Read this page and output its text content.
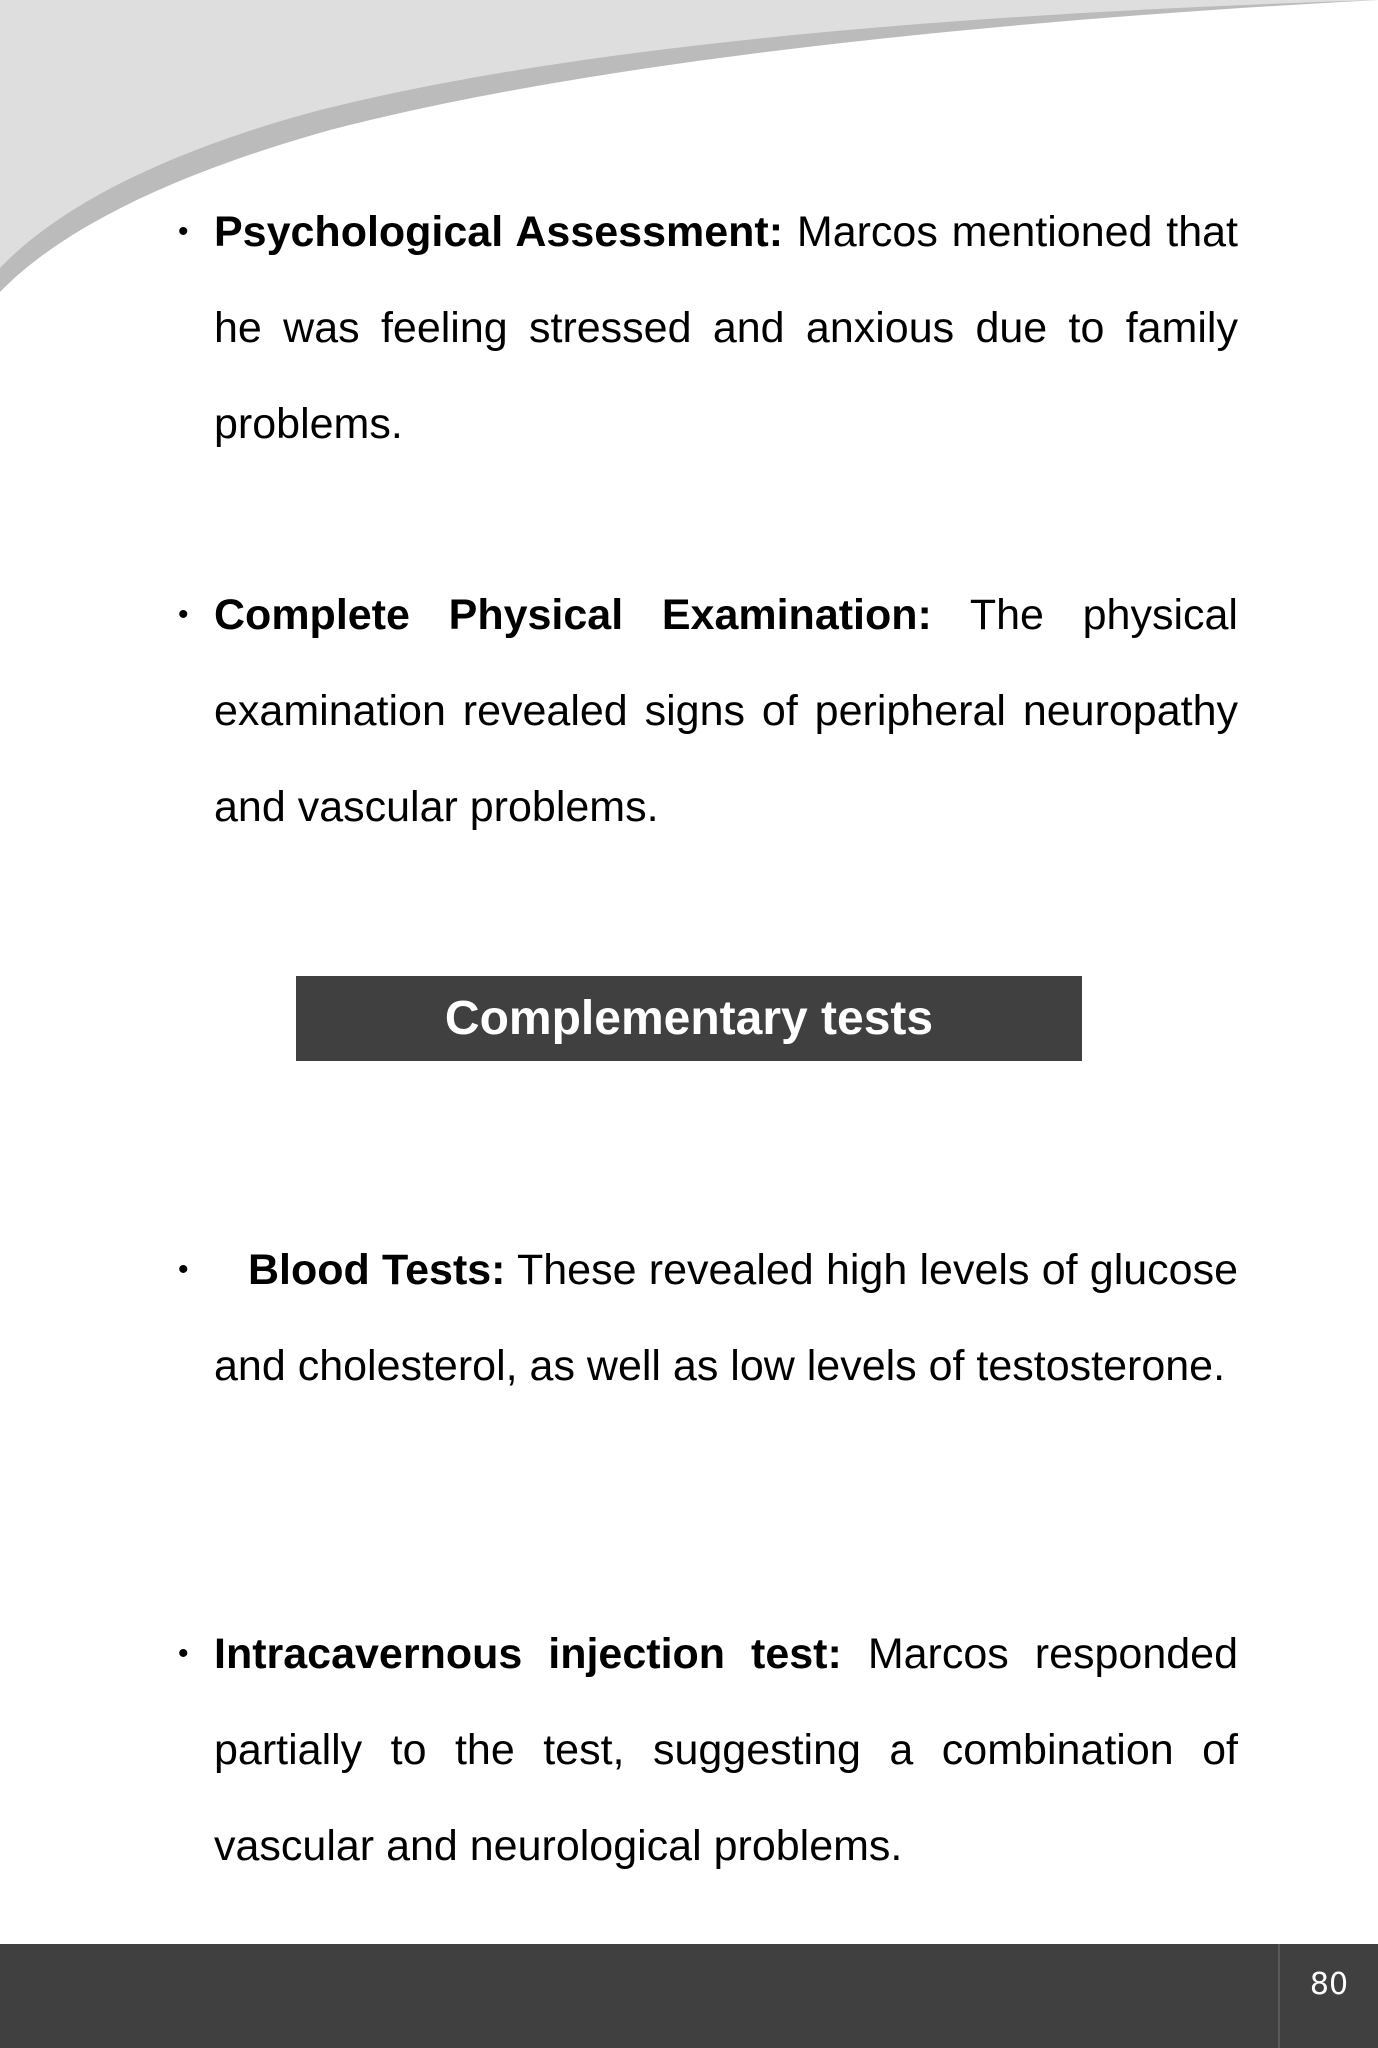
• Psychological Assessment: Marcos mentioned that he was feeling stressed and anxious due to family problems.
• Complete Physical Examination: The physical examination revealed signs of peripheral neuropathy and vascular problems.
Complementary tests
• Blood Tests: These revealed high levels of glucose and cholesterol, as well as low levels of testosterone.
• Intracavernous injection test: Marcos responded partially to the test, suggesting a combination of vascular and neurological problems.
80
